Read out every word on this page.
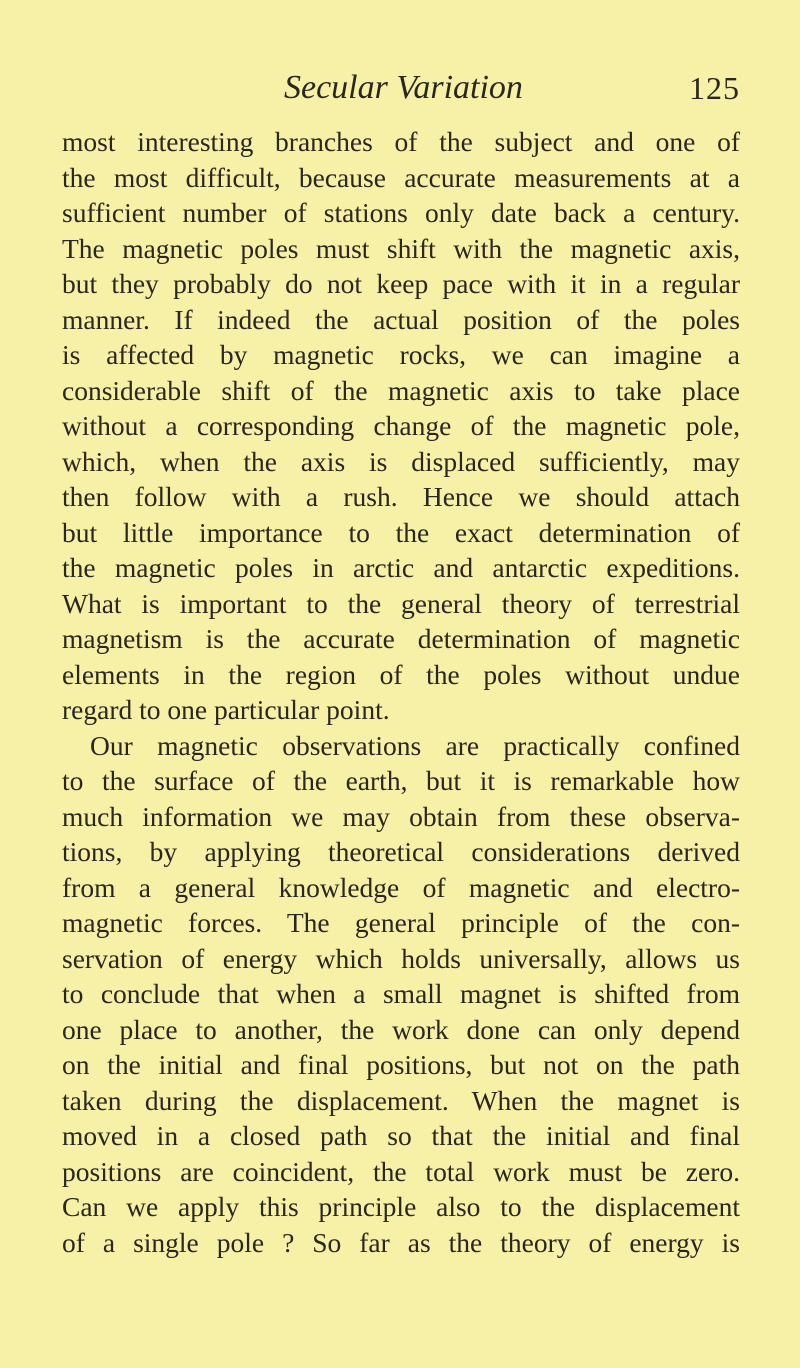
Secular Variation	125
most interesting branches of the subject and one of
the most difficult, because accurate measurements at a
sufficient number of stations only date back a century.
The magnetic poles must shift with the magnetic axis,
but they probably do not keep pace with it in a regular
manner. If indeed the actual position of the poles
is affected by magnetic rocks, we can imagine a
considerable shift of the magnetic axis to take place
without a corresponding change of the magnetic pole,
which, when the axis is displaced sufficiently, may
then follow with a rush. Hence we should attach
but little importance to the exact determination of
the magnetic poles in arctic and antarctic expeditions.
What is important to the general theory of terrestrial
magnetism is the accurate determination of magnetic
elements in the region of the poles without undue
regard to one particular point.
Our magnetic observations are practically confined
to the surface of the earth, but it is remarkable how
much information we may obtain from these observa-
tions, by applying theoretical considerations derived
from a general knowledge of magnetic and electro-
magnetic forces. The general principle of the con-
servation of energy which holds universally, allows us
to conclude that when a small magnet is shifted from
one place to another, the work done can only depend
on the initial and final positions, but not on the path
taken during the displacement. When the magnet is
moved in a closed path so that the initial and final
positions are coincident, the total work must be zero.
Can we apply this principle also to the displacement
of a single pole ? So far as the theory of energy is
